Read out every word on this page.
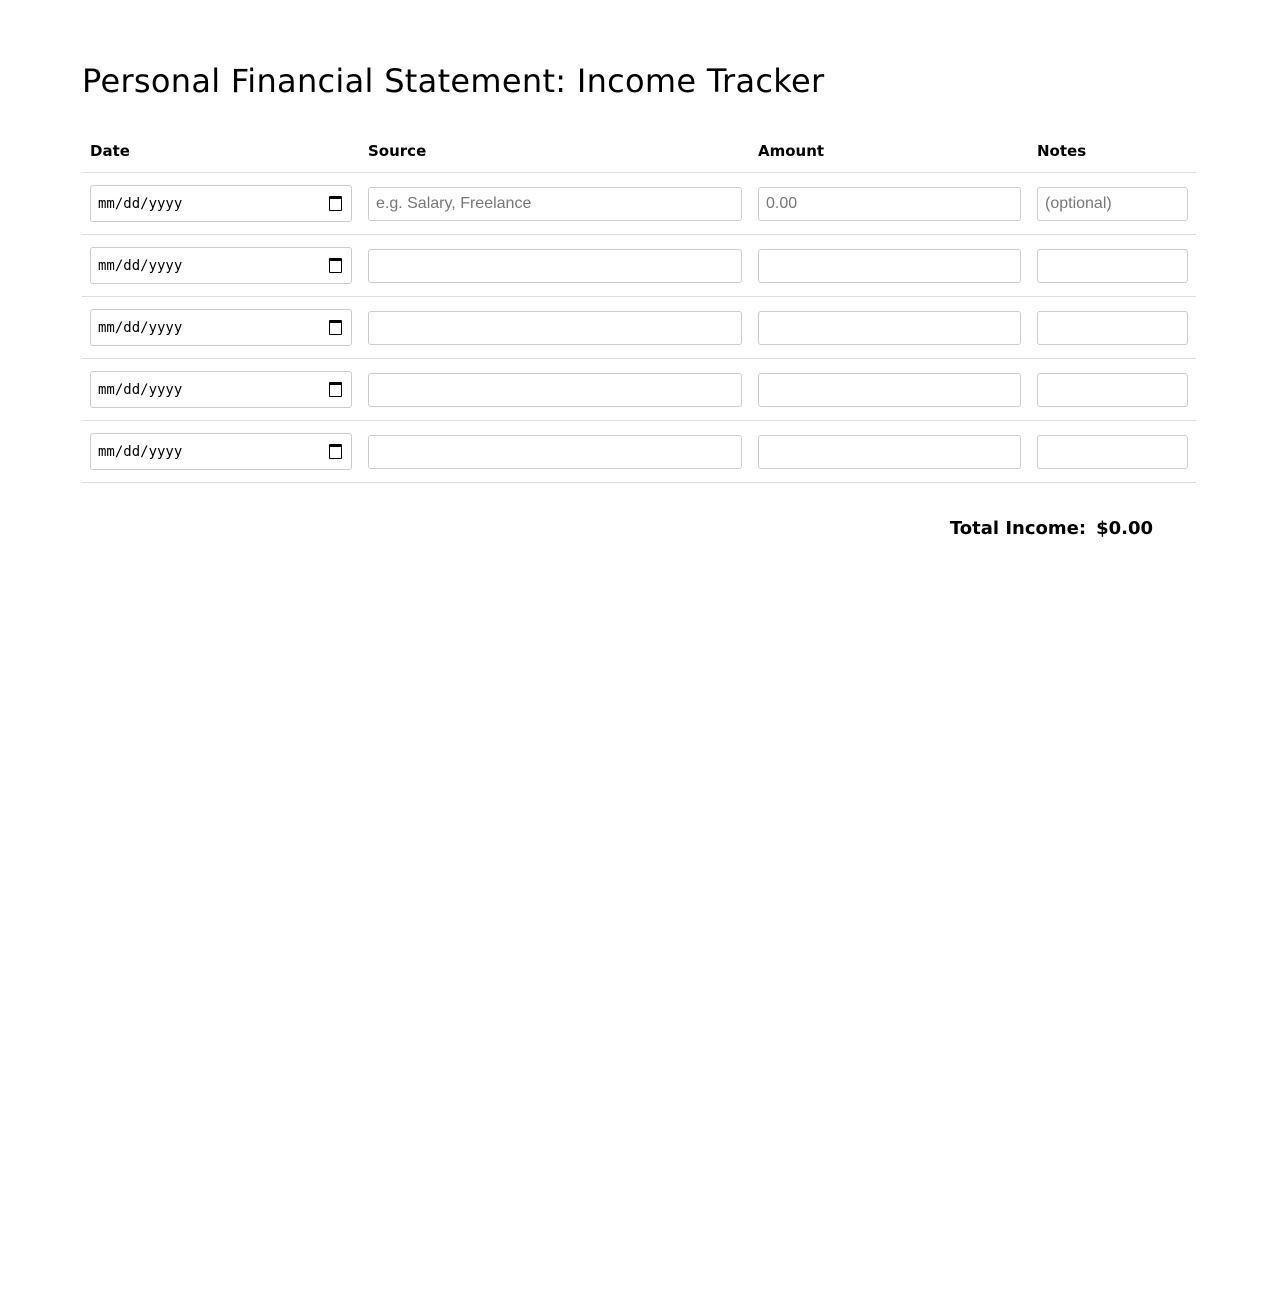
Personal Financial Statement: Income Tracker
Date	Source	Amount	Notes

mm/dd/yyyy	e.g. Salary, Freelance	0.00	(optional)

mm/dd/yyyy

mm/dd/yyyy

mm/dd/yyyy

mm/dd/yyyy

Total Income: $0.00
